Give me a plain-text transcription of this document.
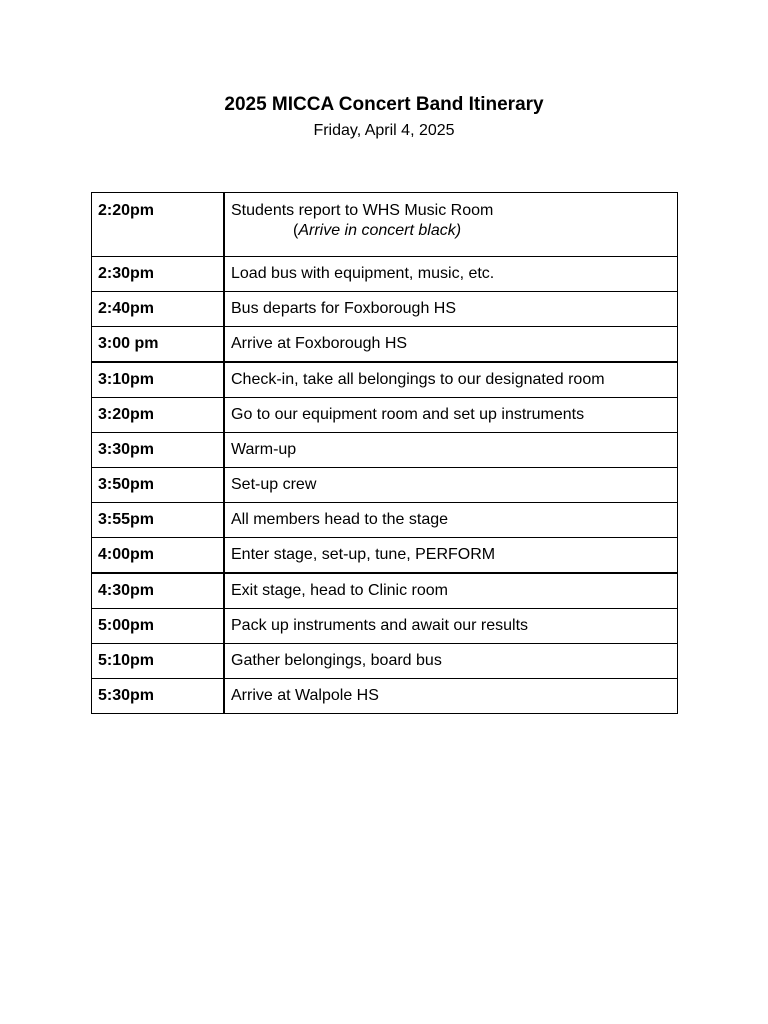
2025 MICCA Concert Band Itinerary

Friday, April 4, 2025

2:20pm	Students report to WHS Music Room
(Arrive in concert black)

2:30pm	Load bus with equipment, music, etc.
2:40pm	Bus departs for Foxborough HS
3:00 pm	Arrive at Foxborough HS
3:10pm	Check-in, take all belongings to our designated room
3:20pm	Go to our equipment room and set up instruments
3:30pm	Warm-up
3:50pm	Set-up crew
3:55pm	All members head to the stage
4:00pm	Enter stage, set-up, tune, PERFORM
4:30pm	Exit stage, head to Clinic room
5:00pm	Pack up instruments and await our results
5:10pm	Gather belongings, board bus
5:30pm	Arrive at Walpole HS
